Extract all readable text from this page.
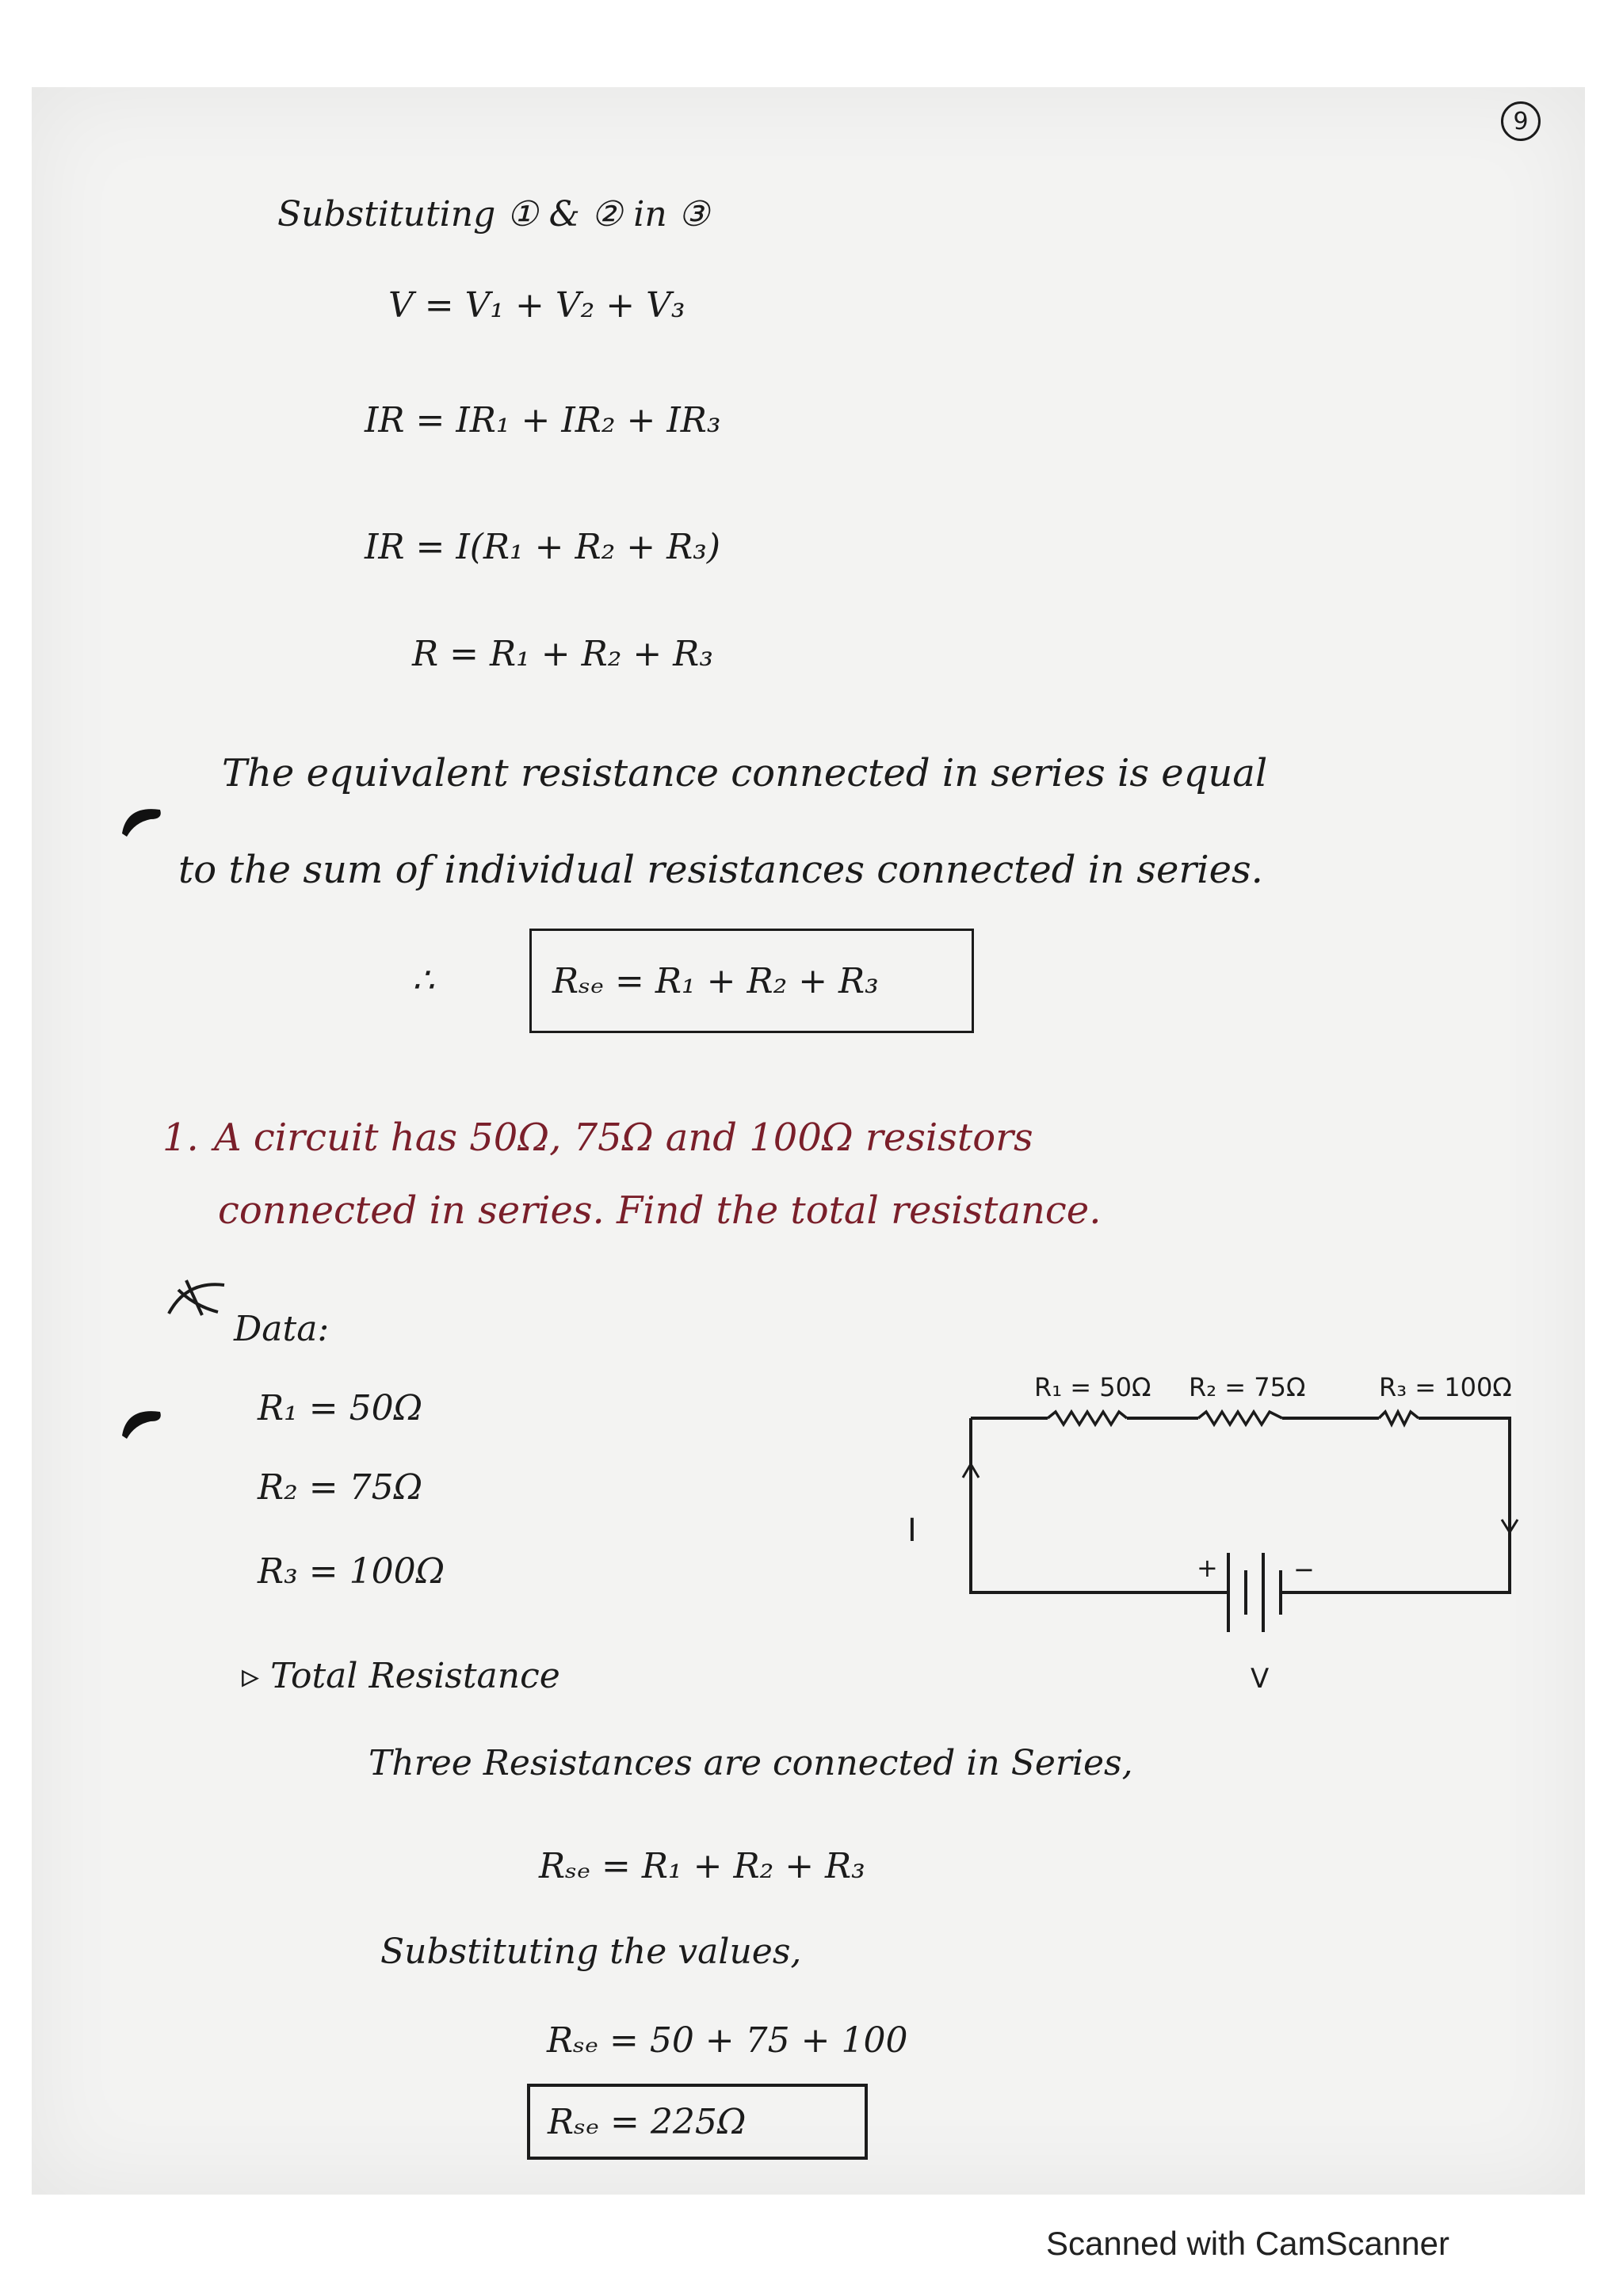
9
Substituting ① & ② in ③
V = V₁ + V₂ + V₃
IR = IR₁ + IR₂ + IR₃
IR = I(R₁ + R₂ + R₃)
R = R₁ + R₂ + R₃
The equivalent resistance connected in series is equal
to the sum of individual resistances connected in series.
∴	Rₛₑ = R₁ + R₂ + R₃
1. A circuit has 50Ω, 75Ω and 100Ω resistors
connected in series. Find the total resistance.
Data:
R₁ = 50Ω
R₂ = 75Ω
R₃ = 100Ω
R₁ = 50Ω R₂ = 75Ω	R₃ = 100Ω
I
+	−
V
▹ Total Resistance
Three Resistances are connected in Series,
Rₛₑ = R₁ + R₂ + R₃
Substituting the values,
Rₛₑ = 50 + 75 + 100
Rₛₑ = 225Ω
Scanned with CamScanner
